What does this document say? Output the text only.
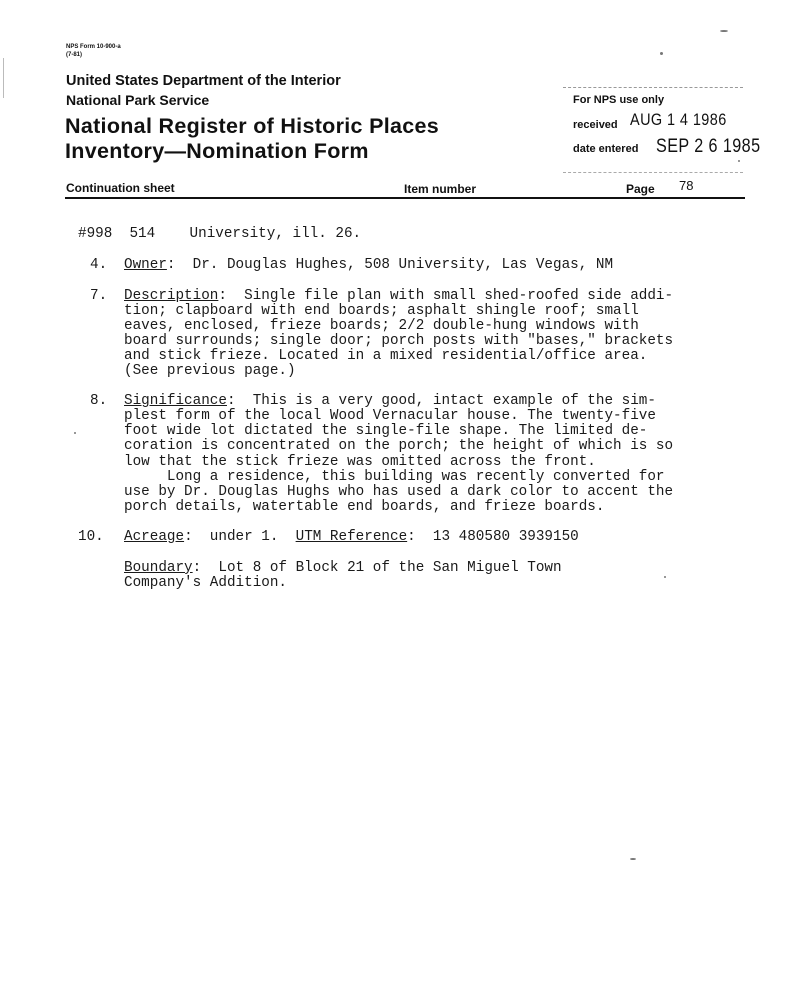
NPS Form 10-900-a
(7-81)
United States Department of the Interior
National Park Service
National Register of Historic Places
Inventory—Nomination Form
For NPS use only
received AUG 1 4 1986
date entered SEP 2 6 1985
Continuation sheet	Item number	Page 78
#998  514    University, ill. 26.
4. Owner:  Dr. Douglas Hughes, 508 University, Las Vegas, NM
7. Description:  Single file plan with small shed-roofed side addi-
tion; clapboard with end boards; asphalt shingle roof; small
eaves, enclosed, frieze boards; 2/2 double-hung windows with
board surrounds; single door; porch posts with "bases," brackets
and stick frieze. Located in a mixed residential/office area.
(See previous page.)
8. Significance:  This is a very good, intact example of the sim-
plest form of the local Wood Vernacular house. The twenty-five
foot wide lot dictated the single-file shape. The limited de-
coration is concentrated on the porch; the height of which is so
low that the stick frieze was omitted across the front.
Long a residence, this building was recently converted for
use by Dr. Douglas Hughs who has used a dark color to accent the
porch details, watertable end boards, and frieze boards.
10. Acreage:  under 1.  UTM Reference:  13 480580 3939150
Boundary:  Lot 8 of Block 21 of the San Miguel Town
Company's Addition.
